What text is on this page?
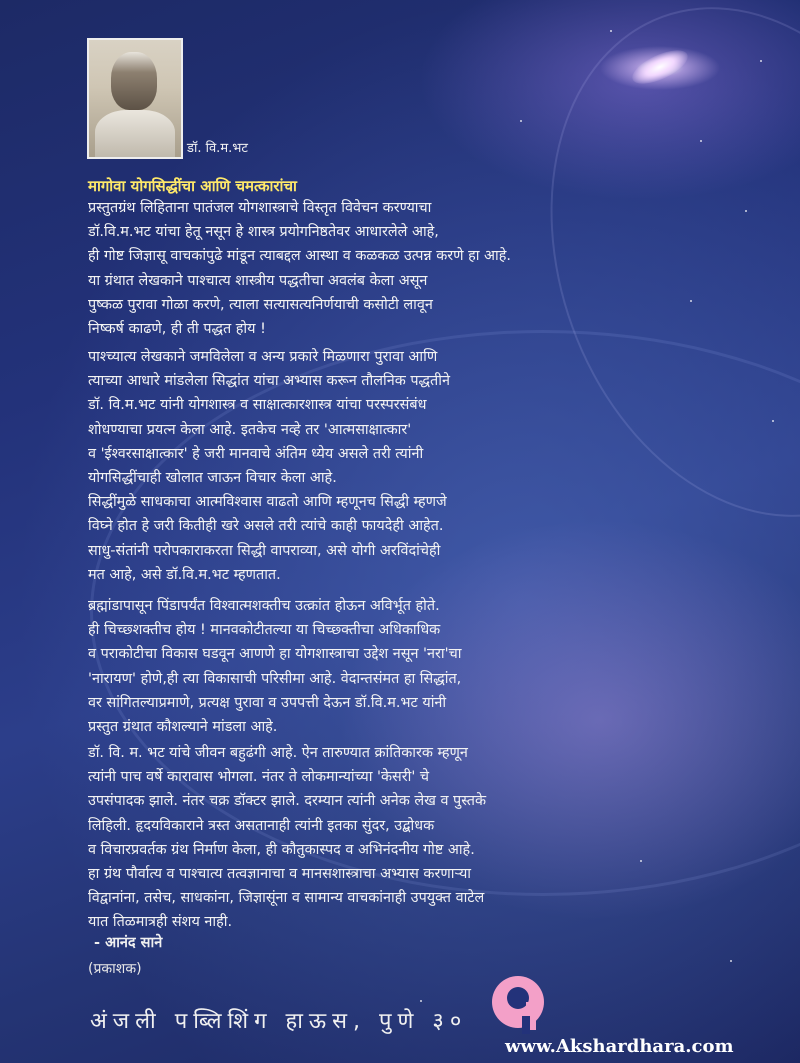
डॉ. वि.म.भट
मागोवा योगसिद्धींचा आणि चमत्कारांचा

प्रस्तुतग्रंथ लिहिताना पातंजल योगशास्त्राचे विस्तृत विवेचन करण्याचा
डॉ.वि.म.भट यांचा हेतू नसून हे शास्त्र प्रयोगनिष्ठतेवर आधारलेले आहे,
ही गोष्ट जिज्ञासू वाचकांपुढे मांडून त्याबद्दल आस्था व कळकळ उत्पन्न करणे हा आहे.
या ग्रंथात लेखकाने पाश्चात्य शास्त्रीय पद्धतीचा अवलंब केला असून
पुष्कळ पुरावा गोळा करणे, त्याला सत्यासत्यनिर्णयाची कसोटी लावून
निष्कर्ष काढणे, ही ती पद्धत होय !

पाश्च्यात्य लेखकाने जमविलेला व अन्य प्रकारे मिळणारा पुरावा आणि
त्याच्या आधारे मांडलेला सिद्धांत यांचा अभ्यास करून तौलनिक पद्धतीने
डॉ. वि.म.भट यांनी योगशास्त्र व साक्षात्कारशास्त्र यांचा परस्परसंबंध
शोधण्याचा प्रयत्न केला आहे. इतकेच नव्हे तर 'आत्मसाक्षात्कार'
व 'ईश्वरसाक्षात्कार' हे जरी मानवाचे अंतिम ध्येय असले तरी त्यांनी
योगसिद्धींचाही खोलात जाऊन विचार केला आहे.
सिद्धींमुळे साधकाचा आत्मविश्वास वाढतो आणि म्हणूनच सिद्धी म्हणजे
विघ्ने होत हे जरी कितीही खरे असले तरी त्यांचे काही फायदेही आहेत.
साधु-संतांनी परोपकाराकरता सिद्धी वापराव्या, असे योगी अरविंदांचेही
मत आहे, असे डॉ.वि.म.भट म्हणतात.

ब्रह्मांडापासून पिंडापर्यंत विश्वात्मशक्तीच उत्क्रांत होऊन अविर्भूत होते.
ही चिच्छ्शक्तीच होय ! मानवकोटीतल्या या चिच्छ्क्तीचा अधिकाधिक
व पराकोटीचा विकास घडवून आणणे हा योगशास्त्राचा उद्देश नसून 'नरा'चा
'नारायण' होणे,ही त्या विकासाची परिसीमा आहे. वेदान्तसंमत हा सिद्धांत,
वर सांगितल्याप्रमाणे, प्रत्यक्ष पुरावा व उपपत्ती देऊन डॉ.वि.म.भट यांनी
प्रस्तुत ग्रंथात कौशल्याने मांडला आहे.

डॉ. वि. म. भट यांचे जीवन बहुढंगी आहे. ऐन तारुण्यात क्रांतिकारक म्हणून
त्यांनी पाच वर्षे कारावास भोगला. नंतर ते लोकमान्यांच्या 'केसरी' चे
उपसंपादक झाले. नंतर चक्र डॉक्टर झाले. दरम्यान त्यांनी अनेक लेख व पुस्तके
लिहिली. हृदयविकाराने त्रस्त असतानाही त्यांनी इतका सुंदर, उद्बोधक
व विचारप्रवर्तक ग्रंथ निर्माण केला, ही कौतुकास्पद व अभिनंदनीय गोष्ट आहे.
हा ग्रंथ पौर्वात्य व पाश्चात्य तत्वज्ञानाचा व मानसशास्त्राचा अभ्यास करणाऱ्या
विद्वानांना, तसेच, साधकांना, जिज्ञासूंना व सामान्य वाचकांनाही उपयुक्त वाटेल
यात तिळमात्रही संशय नाही.

- आनंद साने
(प्रकाशक)
अंजली पब्लिशिंग हाऊस, पुणे ३०
www.Akshardhara.com
